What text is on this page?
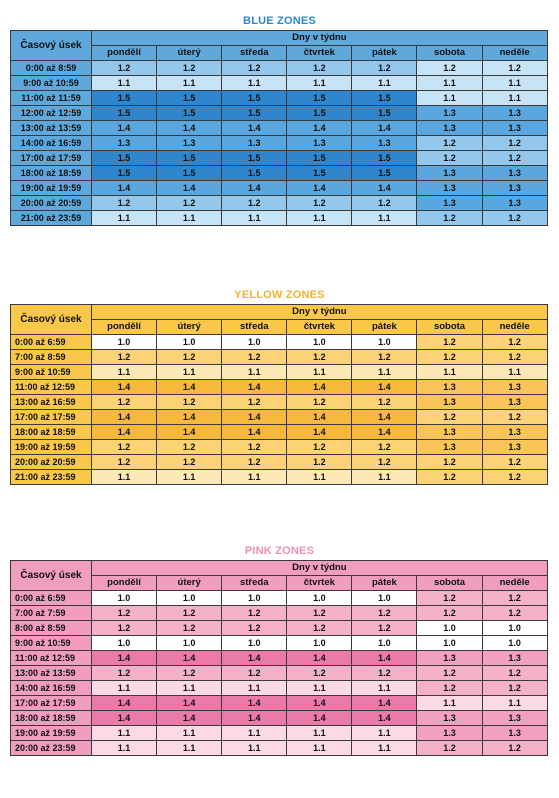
BLUE ZONES
Časový úsek	Dny v týdnu						
	pondělí	úterý	středa	čtvrtek	pátek	sobota	neděle
0:00 až 8:59	1.2	1.2	1.2	1.2	1.2	1.2	1.2
9:00 až 10:59	1.1	1.1	1.1	1.1	1.1	1.1	1.1
11:00 až 11:59	1.5	1.5	1.5	1.5	1.5	1.1	1.1
12:00 až 12:59	1.5	1.5	1.5	1.5	1.5	1.3	1.3
13:00 až 13:59	1.4	1.4	1.4	1.4	1.4	1.3	1.3
14:00 až 16:59	1.3	1.3	1.3	1.3	1.3	1.2	1.2
17:00 až 17:59	1.5	1.5	1.5	1.5	1.5	1.2	1.2
18:00 až 18:59	1.5	1.5	1.5	1.5	1.5	1.3	1.3
19:00 až 19:59	1.4	1.4	1.4	1.4	1.4	1.3	1.3
20:00 až 20:59	1.2	1.2	1.2	1.2	1.2	1.3	1.3
21:00 až 23:59	1.1	1.1	1.1	1.1	1.1	1.2	1.2
YELLOW ZONES
Časový úsek	Dny v týdnu						
	pondělí	úterý	středa	čtvrtek	pátek	sobota	neděle
0:00 až 6:59	1.0	1.0	1.0	1.0	1.0	1.2	1.2
7:00 až 8:59	1.2	1.2	1.2	1.2	1.2	1.2	1.2
9:00 až 10:59	1.1	1.1	1.1	1.1	1.1	1.1	1.1
11:00 až 12:59	1.4	1.4	1.4	1.4	1.4	1.3	1.3
13:00 až 16:59	1.2	1.2	1.2	1.2	1.2	1.3	1.3
17:00 až 17:59	1.4	1.4	1.4	1.4	1.4	1.2	1.2
18:00 až 18:59	1.4	1.4	1.4	1.4	1.4	1.3	1.3
19:00 až 19:59	1.2	1.2	1.2	1.2	1.2	1.3	1.3
20:00 až 20:59	1.2	1.2	1.2	1.2	1.2	1.2	1.2
21:00 až 23:59	1.1	1.1	1.1	1.1	1.1	1.2	1.2
PINK ZONES
Časový úsek	Dny v týdnu						
	pondělí	úterý	středa	čtvrtek	pátek	sobota	neděle
0:00 až 6:59	1.0	1.0	1.0	1.0	1.0	1.2	1.2
7:00 až 7:59	1.2	1.2	1.2	1.2	1.2	1.2	1.2
8:00 až 8:59	1.2	1.2	1.2	1.2	1.2	1.0	1.0
9:00 až 10:59	1.0	1.0	1.0	1.0	1.0	1.0	1.0
11:00 až 12:59	1.4	1.4	1.4	1.4	1.4	1.3	1.3
13:00 až 13:59	1.2	1.2	1.2	1.2	1.2	1.2	1.2
14:00 až 16:59	1.1	1.1	1.1	1.1	1.1	1.2	1.2
17:00 až 17:59	1.4	1.4	1.4	1.4	1.4	1.1	1.1
18:00 až 18:59	1.4	1.4	1.4	1.4	1.4	1.3	1.3
19:00 až 19:59	1.1	1.1	1.1	1.1	1.1	1.3	1.3
20:00 až 23:59	1.1	1.1	1.1	1.1	1.1	1.2	1.2
